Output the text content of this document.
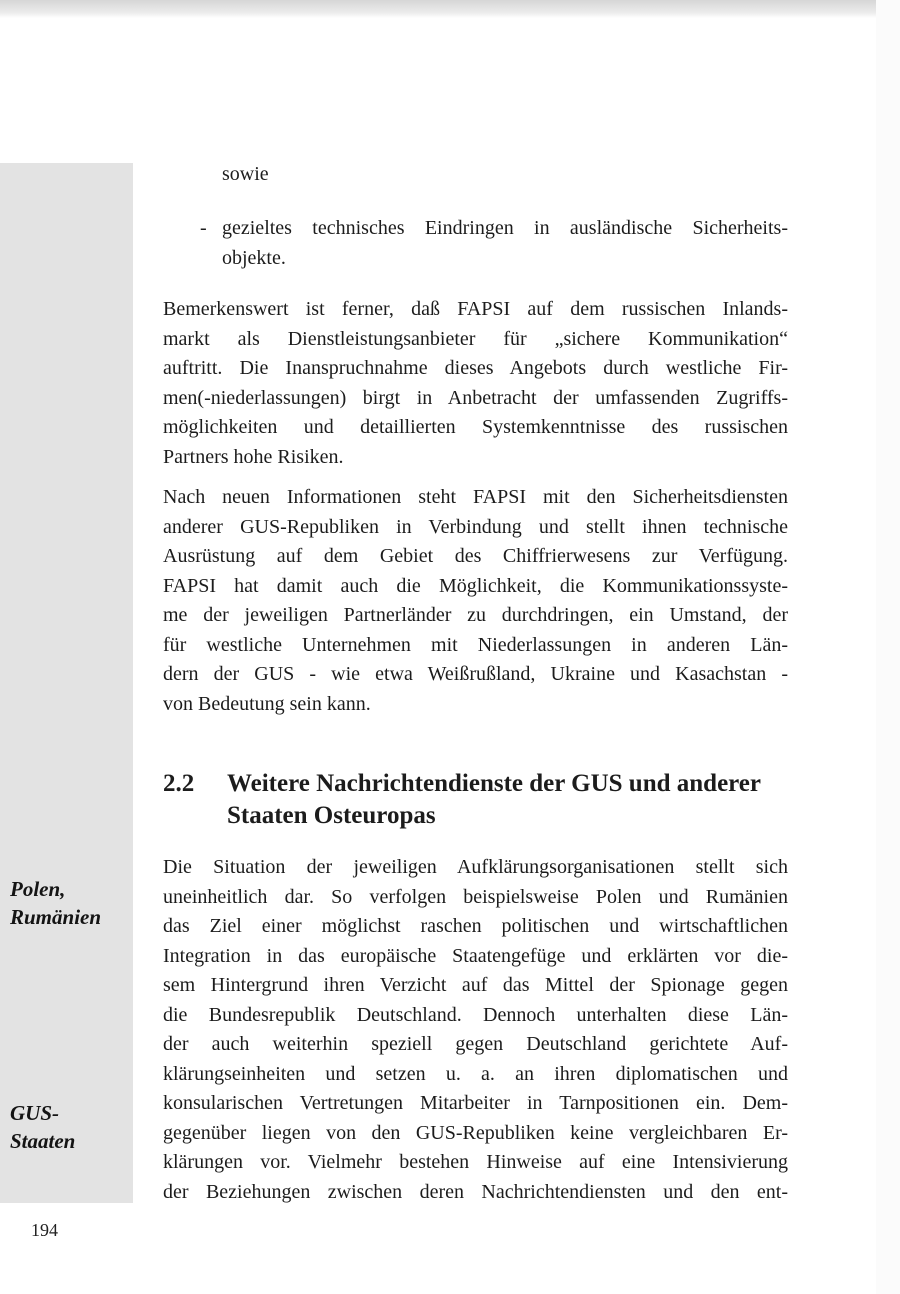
Polen,
Rumänien
GUS-
Staaten
sowie
- gezieltes technisches Eindringen in ausländische Sicherheits-
objekte.
Bemerkenswert ist ferner, daß FAPSI auf dem russischen Inlands-
markt als Dienstleistungsanbieter für „sichere Kommunikation“
auftritt. Die Inanspruchnahme dieses Angebots durch westliche Fir-
men(-niederlassungen) birgt in Anbetracht der umfassenden Zugriffs-
möglichkeiten und detaillierten Systemkenntnisse des russischen
Partners hohe Risiken.
Nach neuen Informationen steht FAPSI mit den Sicherheitsdiensten
anderer GUS-Republiken in Verbindung und stellt ihnen technische
Ausrüstung auf dem Gebiet des Chiffrierwesens zur Verfügung.
FAPSI hat damit auch die Möglichkeit, die Kommunikationssyste-
me der jeweiligen Partnerländer zu durchdringen, ein Umstand, der
für westliche Unternehmen mit Niederlassungen in anderen Län-
dern der GUS - wie etwa Weißrußland, Ukraine und Kasachstan -
von Bedeutung sein kann.
2.2 Weitere Nachrichtendienste der GUS und anderer
Staaten Osteuropas
Die Situation der jeweiligen Aufklärungsorganisationen stellt sich
uneinheitlich dar. So verfolgen beispielsweise Polen und Rumänien
das Ziel einer möglichst raschen politischen und wirtschaftlichen
Integration in das europäische Staatengefüge und erklärten vor die-
sem Hintergrund ihren Verzicht auf das Mittel der Spionage gegen
die Bundesrepublik Deutschland. Dennoch unterhalten diese Län-
der auch weiterhin speziell gegen Deutschland gerichtete Auf-
klärungseinheiten und setzen u. a. an ihren diplomatischen und
konsularischen Vertretungen Mitarbeiter in Tarnpositionen ein. Dem-
gegenüber liegen von den GUS-Republiken keine vergleichbaren Er-
klärungen vor. Vielmehr bestehen Hinweise auf eine Intensivierung
der Beziehungen zwischen deren Nachrichtendiensten und den ent-
194
